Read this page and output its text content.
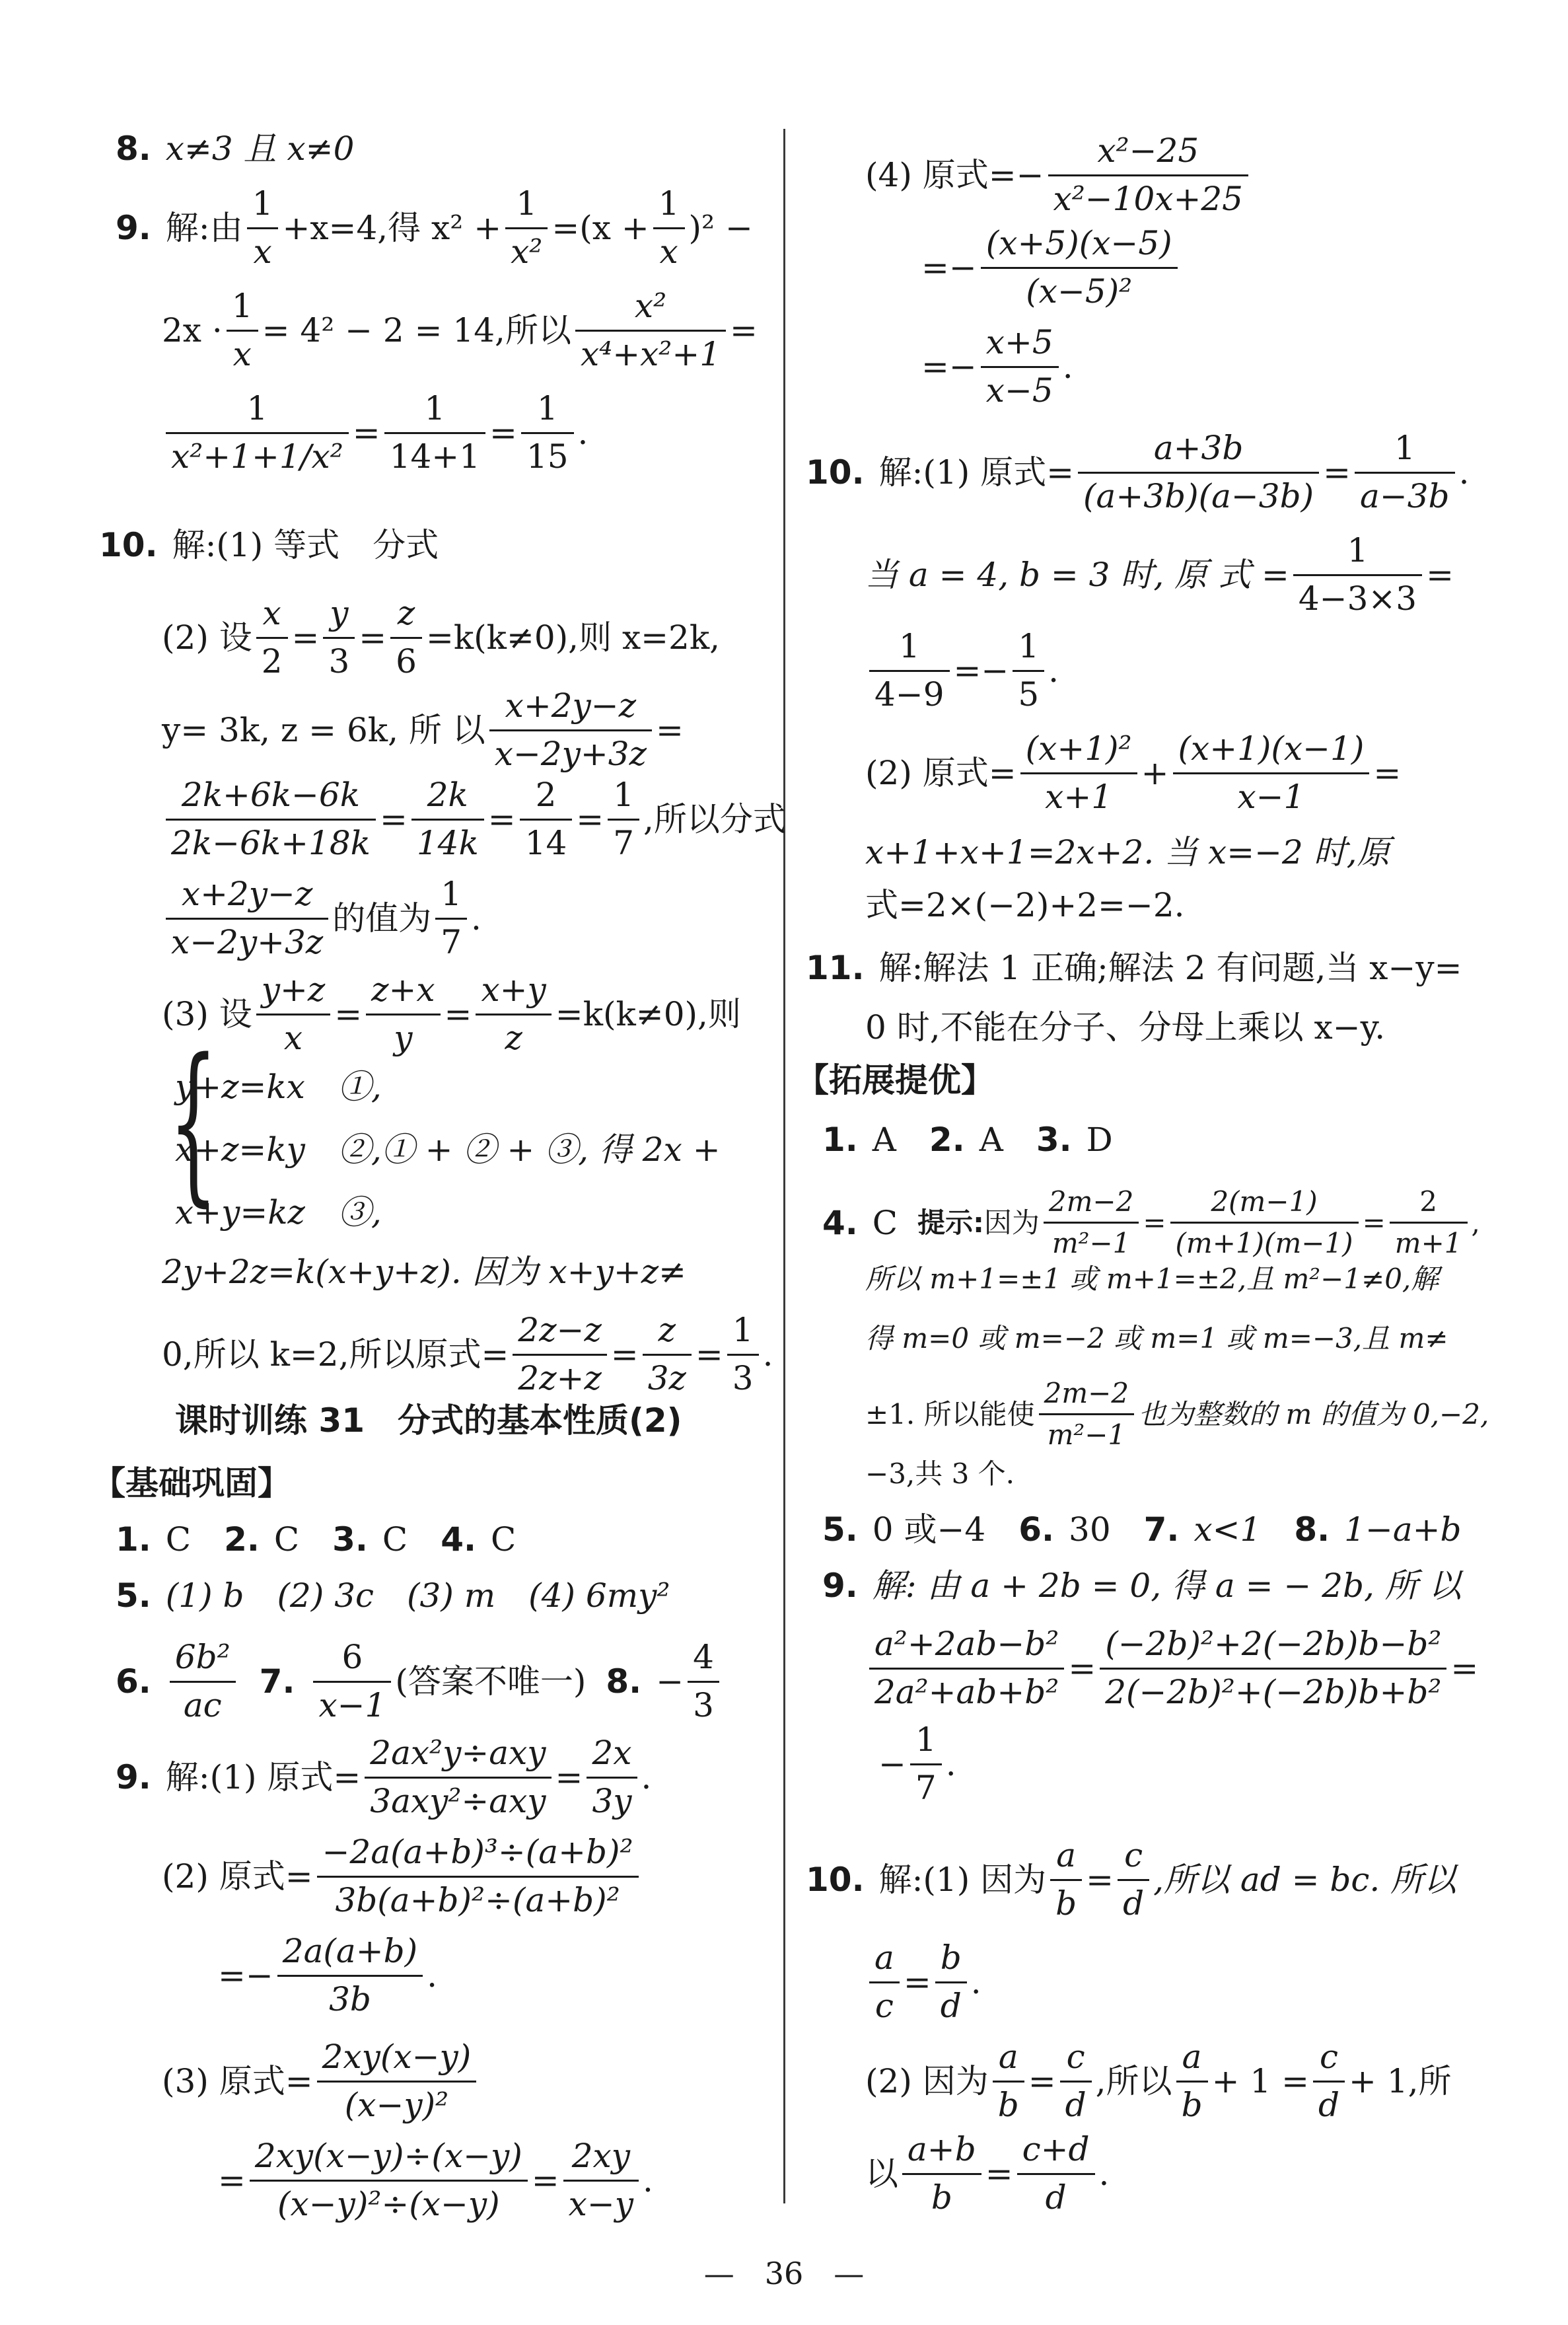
8. x≠3 且 x≠0
9. 解:由 $\frac{1}{x} +x=4$,得 $x^2 + \frac{1}{\text{x²}} =(x + \frac{1}{x} )^2$ −
$2x \cdot \frac{1}{x} = 4^2 - 2 = 14$,所以 $\frac{\text{x²}}{\text{x⁴+x²+1}}$ =
$\frac{1}{\text{x²+1+1/x²}} = \frac{1}{14+1} = \frac{1}{15}$ .
10. 解:(1) 等式　分式
(2) 设 $\frac{x}{2} = \frac{y}{3} = \frac{z}{6} =k(k\ne 0)$,则 x=2k,
y= 3k, z = 6k, 所 以 $\frac{x+2y-z}{x-2y+3z}$ =
$\frac{2k+6k-6k}{2k-6k+18k} = \frac{2k}{14k} = \frac{2}{14} = \frac{1}{7}$ ,所以分式
$\frac{x+2y-z}{x-2y+3z}$ 的值为 $\frac{1}{7}$ .
(3) 设 $\frac{y+z}{x} = \frac{z+x}{y} = \frac{x+y}{z} =k(k\ne 0)$,则
{
y+z=kx　①,
x+z=ky　②,① + ② + ③, 得 2x +
x+y=kz　③,
2y+2z=k(x+y+z). 因为 x+y+z≠
0,所以 k=2,所以原式= $\frac{2z-z}{2z+z} = \frac{z}{3z} = \frac{1}{3}$ .
课时训练 31　分式的基本性质(2)
【基础巩固】
1. C 2. C 3. C 4. C
5. (1) b　(2) 3c　(3) m　(4) 6my²
6. $\frac{\text{6b²}}{ac} 7$. $\frac{6}{x-1}$ (答案不唯一) 8. − $\frac{4}{3}$
9. 解:(1) 原式= $\frac{\text{2ax²y÷axy}}{\text{3axy²÷axy}} = \frac{2x}{3y}$ .
(2) 原式= $\frac{\text{−2a(a+b)³÷(a+b)²}}{\text{3b(a+b)²÷(a+b)²}}$
=− $\frac{2a(a+b)}{3b}$ .
(3) 原式= $\frac{2xy(x-y)}{\text{(x−y)²}}$
= $\frac{2xy(x-y)\div(x-y)}{\text{(x−y)²÷(x−y)}} = \frac{2xy}{x-y}$ .
(4) 原式=− $\frac{\text{x²−25}}{\text{x²−10x+25}}$
=− $\frac{(x+5)(x-5)}{\text{(x−5)²}}$
=− $\frac{x+5}{x-5}$ .
10. 解:(1) 原式= $\frac{a+3b}{(a+3b)(a-3b)} = \frac{1}{a-3b}$ .
当 a = 4, b = 3 时, 原 式 = $\frac{1}{4-3\times 3}$ =
$\frac{1}{4-9} =- \frac{1}{5}$ .
(2) 原式= $\frac{\text{(x+1)²}}{x+1} + \frac{(x+1)(x-1)}{x-1}$ =
x+1+x+1=2x+2. 当 x=−2 时,原
式=2×(−2)+2=−2.
11. 解:解法 1 正确;解法 2 有问题,当 x−y=
0 时,不能在分子、分母上乘以 x−y.
【拓展提优】
1. A 2. A 3. D
4. C 提示: 因为 $\frac{2m-2}{\text{m²−1}} = \frac{2(m-1)}{(m+1)(m-1)} = \frac{2}{m+1}$ ,
所以 m+1=±1 或 m+1=±2,且 m²−1≠0,解
得 m=0 或 m=−2 或 m=1 或 m=−3,且 m≠
±1. 所以能使 $\frac{2m-2}{\text{m²−1}}$ 也为整数的 m 的值为 0,−2,
−3,共 3 个.
5. 0 或−4 6. 30 7. x<1 8. 1−a+b
9. 解: 由 a + 2b = 0, 得 a = − 2b, 所 以
$\frac{\text{a²+2ab−b²}}{\text{2a²+ab+b²}} = \frac{\text{(−2b)²+2(−2b)b−b²}}{\text{2(−2b)²+(−2b)b+b²}}$ =
− $\frac{1}{7}$ .
10. 解:(1) 因为 $\frac{a}{b} = \frac{c}{d}$ ,所以 ad = bc. 所以
$\frac{a}{c} = \frac{b}{d}$ .
(2) 因为 $\frac{a}{b} = \frac{c}{d}$ ,所以 $\frac{a}{b} + 1 = \frac{c}{d} + 1$,所
以 $\frac{a+b}{b} = \frac{c+d}{d}$ .
—　36　—
